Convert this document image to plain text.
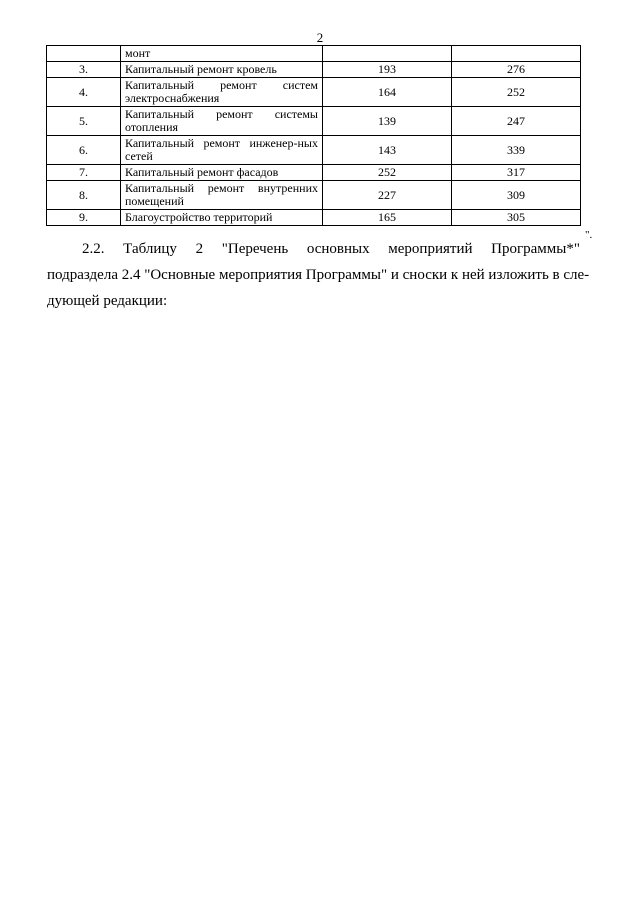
2
	монт		
3.	Капитальный ремонт кровель	193	276
4.	Капитальный ремонт систем электроснабжения	164	252
5.	Капитальный ремонт системы отопления	139	247
6.	Капитальный ремонт инженер-ных сетей	143	339
7.	Капитальный ремонт фасадов	252	317
8.	Капитальный ремонт внутренних помещений	227	309
9.	Благоустройство территорий	165	305
".
2.2. Таблицу 2 "Перечень основных мероприятий Программы*"
подраздела 2.4 "Основные мероприятия Программы" и сноски к ней изложить в сле-
дующей редакции:
